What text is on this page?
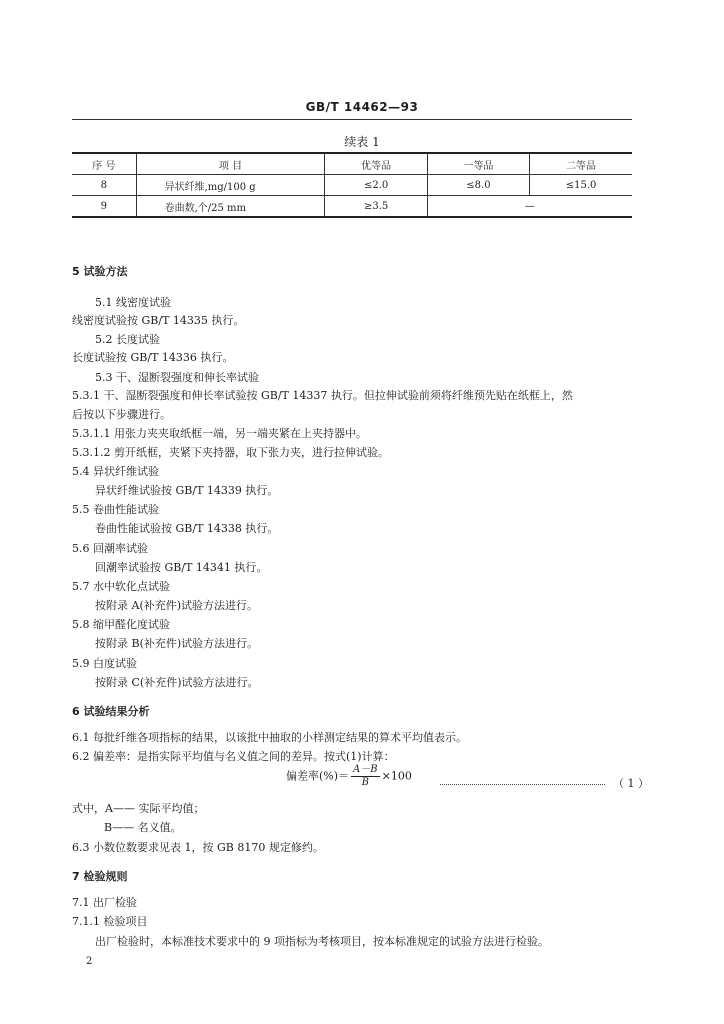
GB/T 14462—93
续表 1
序 号	项 目	优等品	一等品	二等品
8	异状纤维,mg/100 g	≤2.0	≤8.0	≤15.0
9	卷曲数,个/25 mm	≥3.5	—	
5 试验方法
5.1 线密度试验
线密度试验按 GB/T 14335 执行。
5.2 长度试验
长度试验按 GB/T 14336 执行。
5.3 干、湿断裂强度和伸长率试验
5.3.1 干、湿断裂强度和伸长率试验按 GB/T 14337 执行。但拉伸试验前须将纤维预先贴在纸框上，然
后按以下步骤进行。
5.3.1.1 用张力夹夹取纸框一端，另一端夹紧在上夹持器中。
5.3.1.2 剪开纸框，夹紧下夹持器，取下张力夹，进行拉伸试验。
5.4 异状纤维试验
异状纤维试验按 GB/T 14339 执行。
5.5 卷曲性能试验
卷曲性能试验按 GB/T 14338 执行。
5.6 回潮率试验
回潮率试验按 GB/T 14341 执行。
5.7 水中软化点试验
按附录 A(补充件)试验方法进行。
5.8 缩甲醛化度试验
按附录 B(补充件)试验方法进行。
5.9 白度试验
按附录 C(补充件)试验方法进行。
6 试验结果分析
6.1 每批纤维各项指标的结果，以该批中抽取的小样测定结果的算术平均值表示。
6.2 偏差率：是指实际平均值与名义值之间的差异。按式(1)计算：
式中，A—— 实际平均值；
B—— 名义值。
6.3 小数位数要求见表 1，按 GB 8170 规定修约。
7 检验规则
7.1 出厂检验
7.1.1 检验项目
出厂检验时，本标准技术要求中的 9 项指标为考核项目，按本标准规定的试验方法进行检验。
偏差率(%)＝ $\frac{A-B}{B} \times 100$
（ 1 ）
2
